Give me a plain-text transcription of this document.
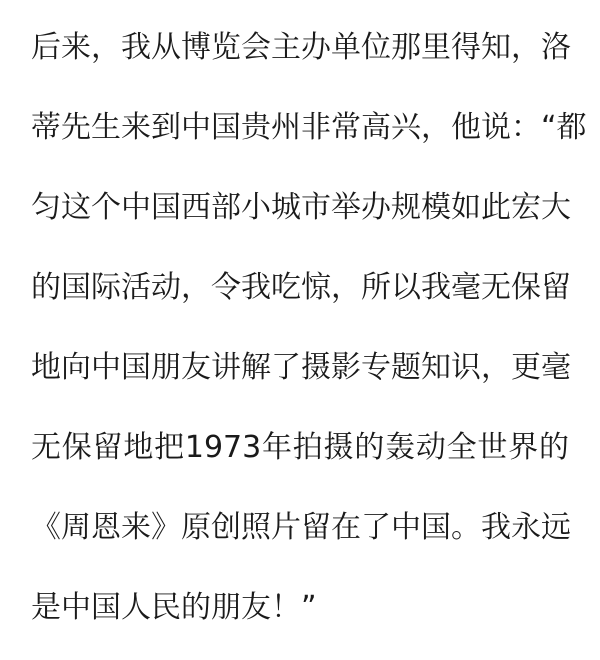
后来，我从博览会主办单位那里得知，洛
蒂先生来到中国贵州非常高兴，他说：“都
匀这个中国西部小城市举办规模如此宏大
的国际活动，令我吃惊，所以我毫无保留
地向中国朋友讲解了摄影专题知识，更毫
无保留地把1973年拍摄的轰动全世界的
《周恩来》原创照片留在了中国。我永远
是中国人民的朋友！”
